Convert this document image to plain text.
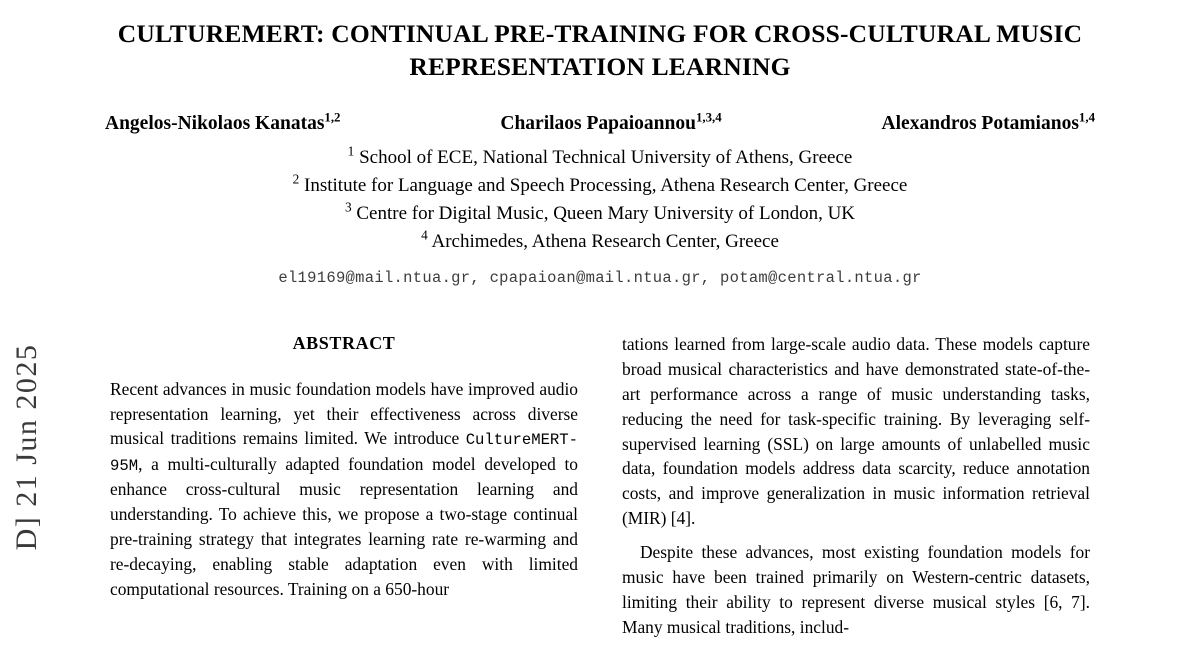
D] 21 Jun 2025
CULTUREMERT: CONTINUAL PRE-TRAINING FOR CROSS-CULTURAL MUSIC REPRESENTATION LEARNING
Angelos-Nikolaos Kanatas$^{1,2}$	Charilaos Papaioannou$^{1,3,4}$	Alexandros Potamianos$^{1,4}$
$^1$ School of ECE, National Technical University of Athens, Greece
$^2$ Institute for Language and Speech Processing, Athena Research Center, Greece
$^3$ Centre for Digital Music, Queen Mary University of London, UK
$^4$ Archimedes, Athena Research Center, Greece
el19169@mail.ntua.gr, cpapaioan@mail.ntua.gr, potam@central.ntua.gr
ABSTRACT

Recent advances in music foundation models have improved audio representation learning, yet their effectiveness across diverse musical traditions remains limited. We introduce CultureMERT-95M, a multi-culturally adapted foundation model developed to enhance cross-cultural music representation learning and understanding. To achieve this, we propose a two-stage continual pre-training strategy that integrates learning rate re-warming and re-decaying, enabling stable adaptation even with limited computational resources. Training on a 650-hour

tations learned from large-scale audio data. These models capture broad musical characteristics and have demonstrated state-of-the-art performance across a range of music understanding tasks, reducing the need for task-specific training. By leveraging self-supervised learning (SSL) on large amounts of unlabelled music data, foundation models address data scarcity, reduce annotation costs, and improve generalization in music information retrieval (MIR) [4].

Despite these advances, most existing foundation models for music have been trained primarily on Western-centric datasets, limiting their ability to represent diverse musical styles [6, 7]. Many musical traditions, includ-
